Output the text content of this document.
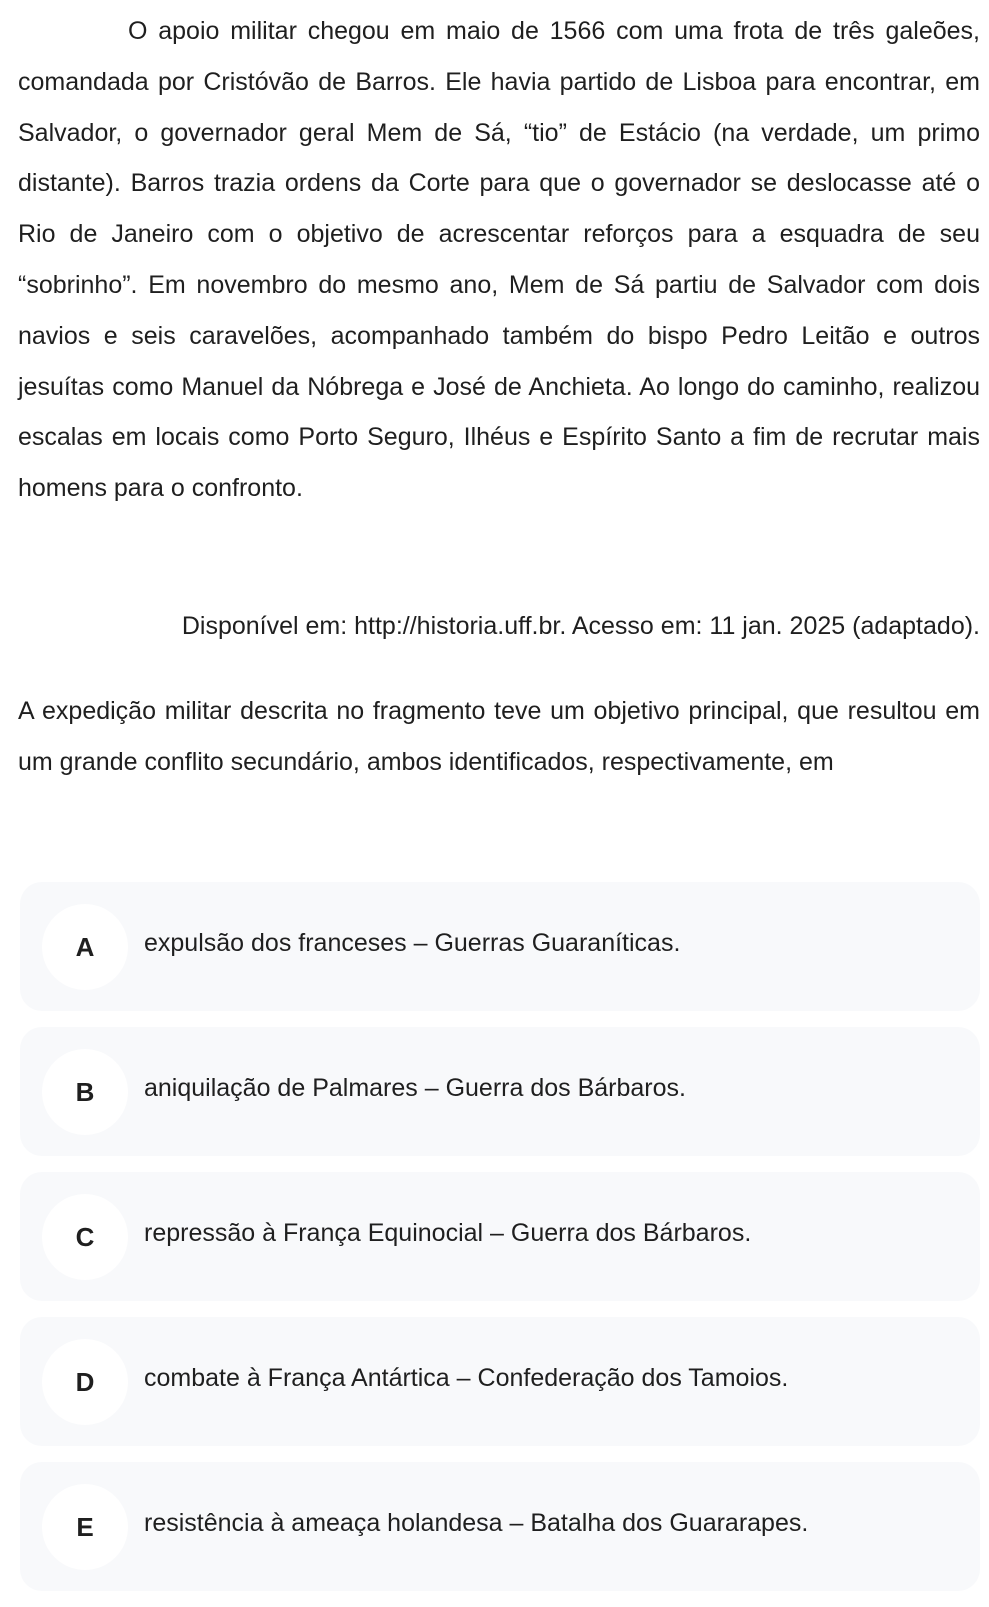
O apoio militar chegou em maio de 1566 com uma frota de três galeões, comandada por Cristóvão de Barros. Ele havia partido de Lisboa para encontrar, em Salvador, o governador geral Mem de Sá, “tio” de Estácio (na verdade, um primo distante). Barros trazia ordens da Corte para que o governador se deslocasse até o Rio de Janeiro com o objetivo de acrescentar reforços para a esquadra de seu “sobrinho”. Em novembro do mesmo ano, Mem de Sá partiu de Salvador com dois navios e seis caravelões, acompanhado também do bispo Pedro Leitão e outros jesuítas como Manuel da Nóbrega e José de Anchieta. Ao longo do caminho, realizou escalas em locais como Porto Seguro, Ilhéus e Espírito Santo a fim de recrutar mais homens para o confronto.

Disponível em: http://historia.uff.br. Acesso em: 11 jan. 2025 (adaptado).

A expedição militar descrita no fragmento teve um objetivo principal, que resultou em um grande conflito secundário, ambos identificados, respectivamente, em

A	expulsão dos franceses – Guerras Guaraníticas.
B	aniquilação de Palmares – Guerra dos Bárbaros.
C	repressão à França Equinocial – Guerra dos Bárbaros.
D	combate à França Antártica – Confederação dos Tamoios.
E	resistência à ameaça holandesa – Batalha dos Guararapes.
